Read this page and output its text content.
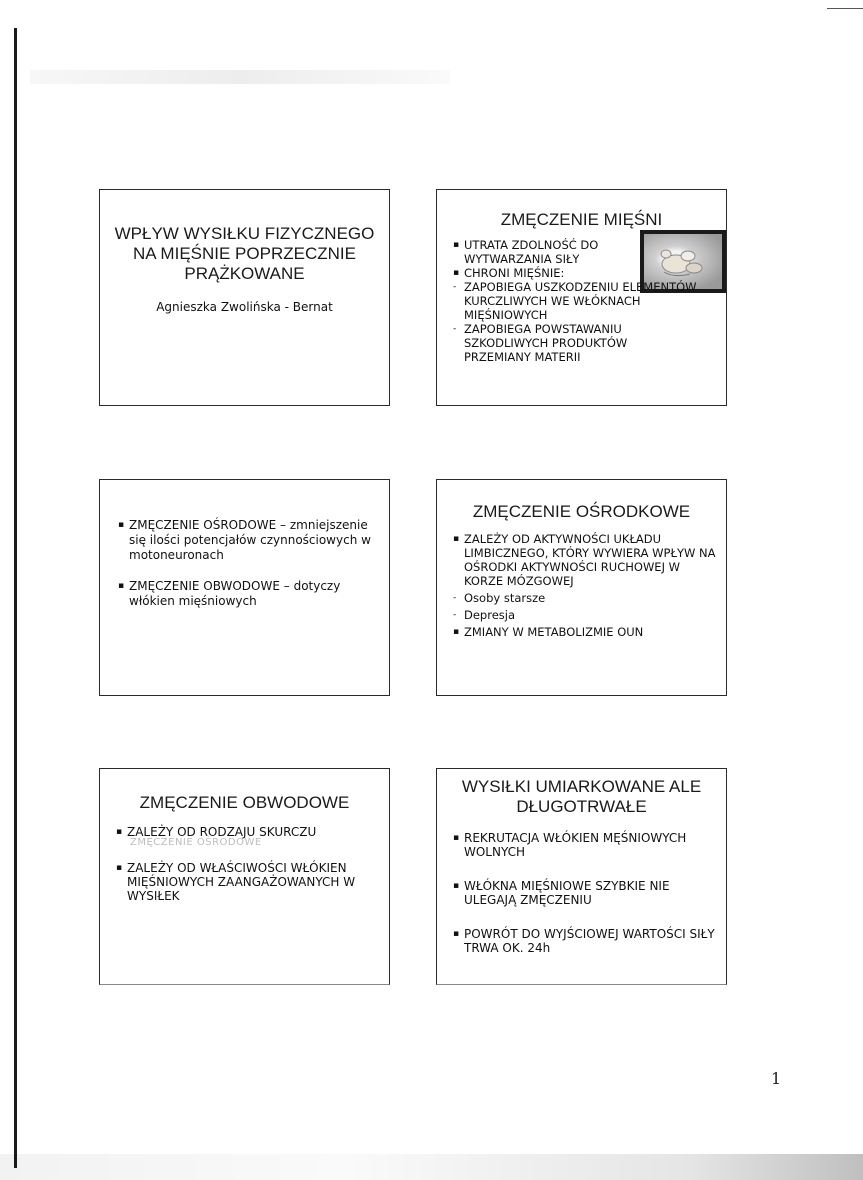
WPŁYW WYSIŁKU FIZYCZNEGO NA MIĘŚNIE POPRZECZNIE PRĄŻKOWANE
Agnieszka Zwolińska - Bernat
ZMĘCZENIE MIĘŚNI
▪ UTRATA ZDOLNOŚĆ DO WYTWARZANIA SIŁY
▪ CHRONI MIĘŚNIE:
- ZAPOBIEGA USZKODZENIU ELEMENTÓW KURCZLIWYCH WE WŁÓKNACH MIĘŚNIOWYCH
- ZAPOBIEGA POWSTAWANIU SZKODLIWYCH PRODUKTÓW PRZEMIANY MATERII
▪ ZMĘCZENIE OŚRODOWE – zmniejszenie się ilości potencjałów czynnościowych w motoneuronach
▪ ZMĘCZENIE OBWODOWE – dotyczy włókien mięśniowych
ZMĘCZENIE OŚRODKOWE
▪ ZALEŻY OD AKTYWNOŚCI UKŁADU LIMBICZNEGO, KTÓRY WYWIERA WPŁYW NA OŚRODKI AKTYWNOŚCI RUCHOWEJ W KORZE MÓZGOWEJ
- Osoby starsze
- Depresja
▪ ZMIANY W METABOLIZMIE OUN
ZMĘCZENIE OBWODOWE
ZMĘCZENIE OŚRODOWE
▪ ZALEŻY OD RODZAJU SKURCZU
▪ ZALEŻY OD WŁAŚCIWOŚCI WŁÓKIEN MIĘŚNIOWYCH ZAANGAŻOWANYCH W WYSIŁEK
WYSIŁKI UMIARKOWANE ALE DŁUGOTRWAŁE
▪ REKRUTACJA WŁÓKIEN MĘŚNIOWYCH WOLNYCH
▪ WŁÓKNA MIĘŚNIOWE SZYBKIE NIE ULEGAJĄ ZMĘCZENIU
▪ POWRÓT DO WYJŚCIOWEJ WARTOŚCI SIŁY TRWA OK. 24h
1
